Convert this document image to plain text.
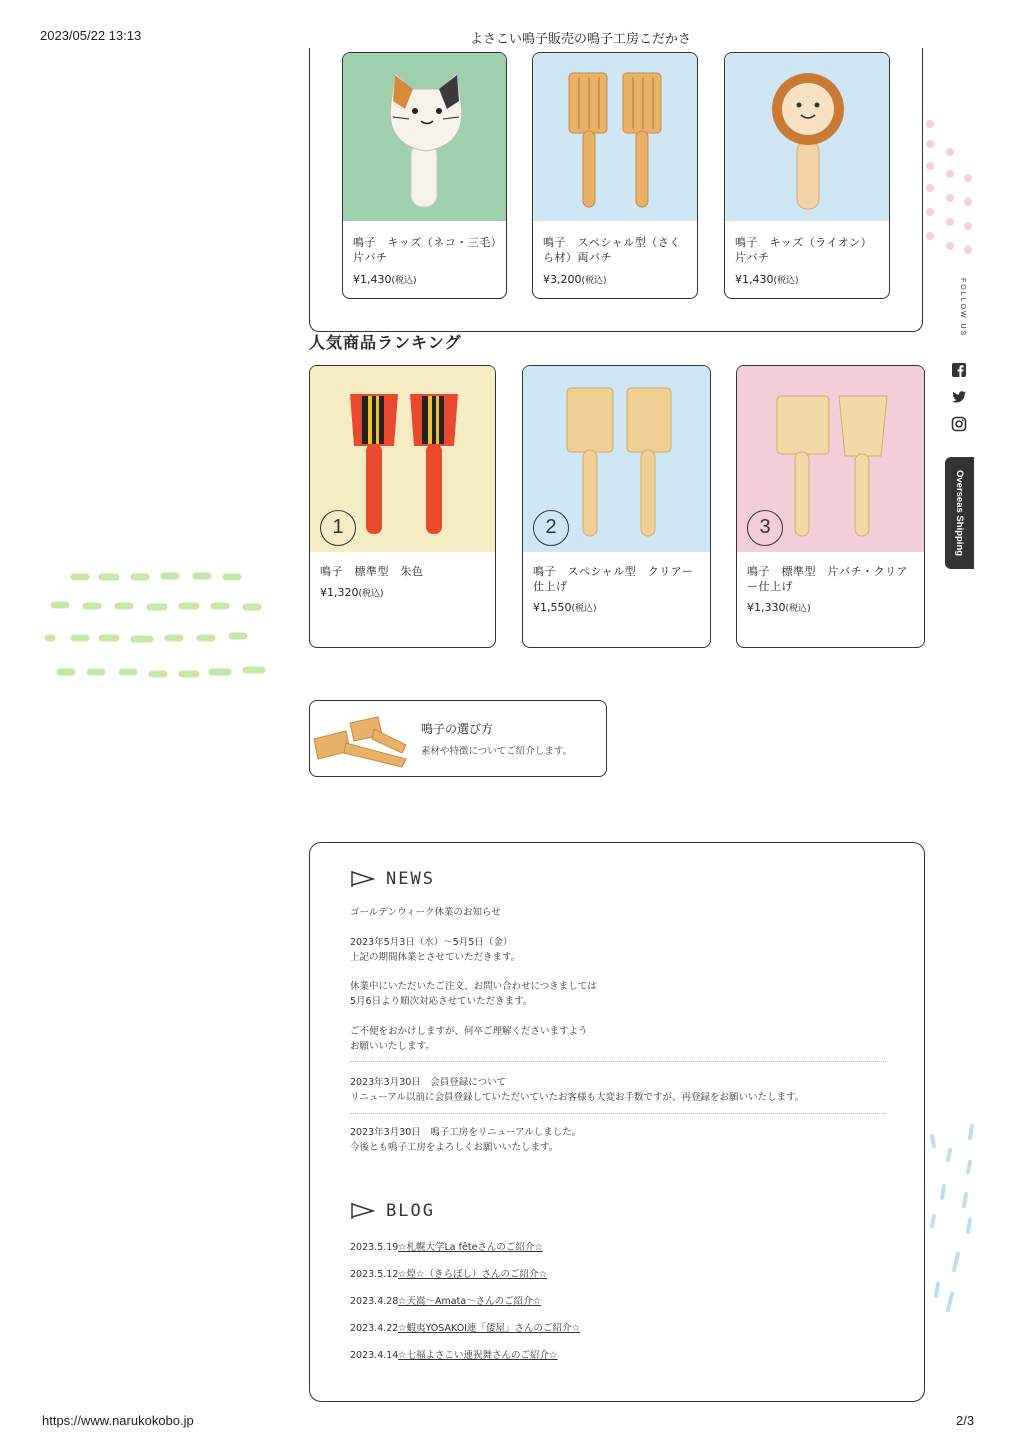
2023/05/22 13:13	よさこい鳴子販売の鳴子工房こだかさ
鳴子　キッズ（ネコ・三毛）片バチ
¥1,430(税込)
鳴子　スペシャル型（さくら材）両バチ
¥3,200(税込)
鳴子　キッズ（ライオン）片バチ
¥1,430(税込)
人気商品ランキング
1
鳴子　標準型　朱色
¥1,320(税込)
2
鳴子　スペシャル型　クリアー仕上げ
¥1,550(税込)
3
鳴子　標準型　片バチ・クリアー仕上げ
¥1,330(税込)
鳴子の選び方
素材や特徴についてご紹介します。
NEWS
ゴールデンウィーク休業のお知らせ
2023年5月3日（水）～5月5日（金）
上記の期間休業とさせていただきます。
休業中にいただいたご注文、お問い合わせにつきましては
5月6日より順次対応させていただきます。
ご不便をおかけしますが、何卒ご理解くださいますよう
お願いいたします。
2023年3月30日　会員登録について
リニューアル以前に会員登録していただいていたお客様も大変お手数ですが、再登録をお願いいたします。
2023年3月30日　鳴子工房をリニューアルしました。
今後とも鳴子工房をよろしくお願いいたします。
BLOG
2023.5.19☆札幌大学La fêteさんのご紹介☆
2023.5.12☆煌☆（きらぼし）さんのご紹介☆
2023.4.28☆天嵩〜Amata〜さんのご紹介☆
2023.4.22☆蝦夷YOSAKOI連「倭屋」さんのご紹介☆
2023.4.14☆七福よさこい連祝舞さんのご紹介☆
FOLLOW US
Overseas Shipping
https://www.narukokobo.jp	2/3
